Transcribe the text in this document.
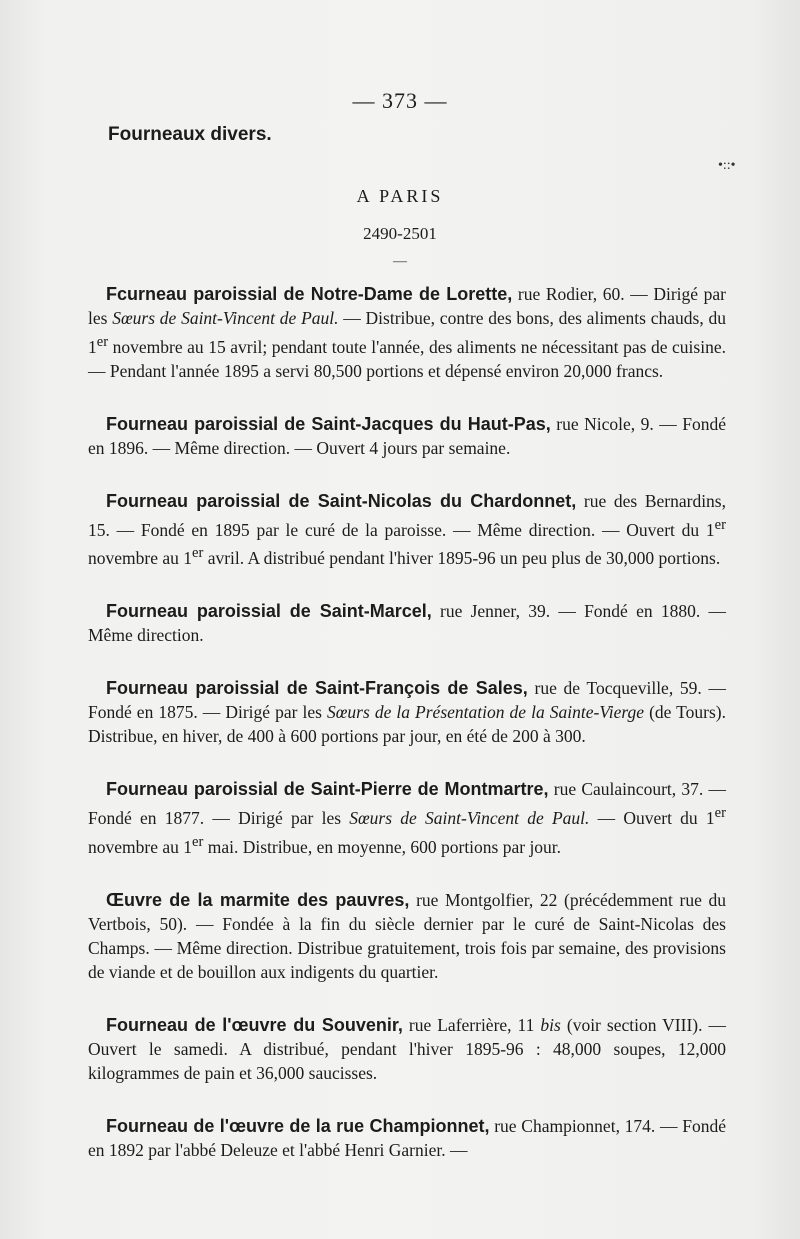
— 373 —
Fourneaux divers.
•::•
A PARIS
2490-2501
—

Fcurneau paroissial de Notre-Dame de Lorette, rue Rodier, 60. — Dirigé par les Sœurs de Saint-Vincent de Paul. — Distribue, contre des bons, des aliments chauds, du 1er novembre au 15 avril; pendant toute l'année, des aliments ne nécessitant pas de cuisine. — Pendant l'année 1895 a servi 80,500 portions et dépensé environ 20,000 francs.

Fourneau paroissial de Saint-Jacques du Haut-Pas, rue Nicole, 9. — Fondé en 1896. — Même direction. — Ouvert 4 jours par semaine.

Fourneau paroissial de Saint-Nicolas du Chardonnet, rue des Bernardins, 15. — Fondé en 1895 par le curé de la paroisse. — Même direction. — Ouvert du 1er novembre au 1er avril. A distribué pendant l'hiver 1895-96 un peu plus de 30,000 portions.

Fourneau paroissial de Saint-Marcel, rue Jenner, 39. — Fondé en 1880. — Même direction.

Fourneau paroissial de Saint-François de Sales, rue de Tocqueville, 59. — Fondé en 1875. — Dirigé par les Sœurs de la Présentation de la Sainte-Vierge (de Tours). Distribue, en hiver, de 400 à 600 portions par jour, en été de 200 à 300.

Fourneau paroissial de Saint-Pierre de Montmartre, rue Caulaincourt, 37. — Fondé en 1877. — Dirigé par les Sœurs de Saint-Vincent de Paul. — Ouvert du 1er novembre au 1er mai. Distribue, en moyenne, 600 portions par jour.

Œuvre de la marmite des pauvres, rue Montgolfier, 22 (précédemment rue du Vertbois, 50). — Fondée à la fin du siècle dernier par le curé de Saint-Nicolas des Champs. — Même direction. Distribue gratuitement, trois fois par semaine, des provisions de viande et de bouillon aux indigents du quartier.

Fourneau de l'œuvre du Souvenir, rue Laferrière, 11 bis (voir section VIII). — Ouvert le samedi. A distribué, pendant l'hiver 1895-96 : 48,000 soupes, 12,000 kilogrammes de pain et 36,000 saucisses.

Fourneau de l'œuvre de la rue Championnet, rue Championnet, 174. — Fondé en 1892 par l'abbé Deleuze et l'abbé Henri Garnier. —
